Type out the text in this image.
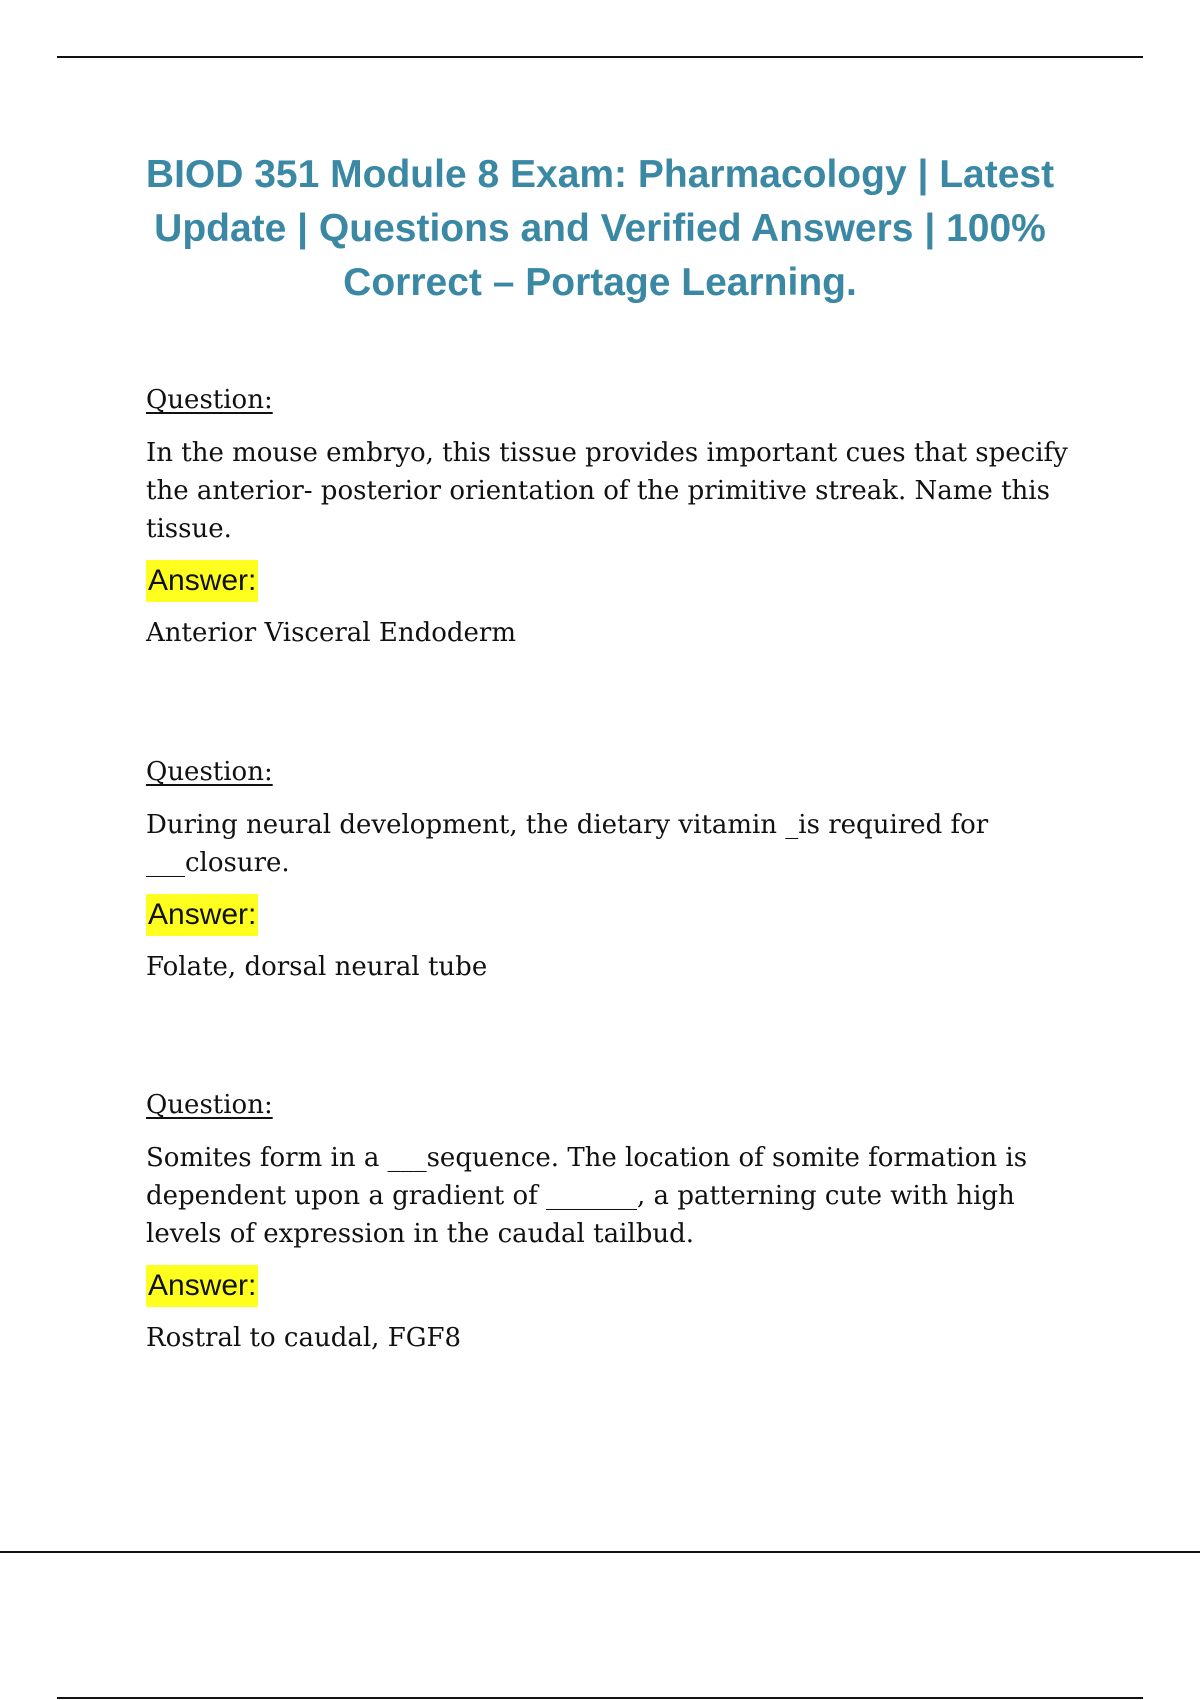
BIOD 351 Module 8 Exam: Pharmacology | Latest Update | Questions and Verified Answers | 100% Correct – Portage Learning.

Question:

In the mouse embryo, this tissue provides important cues that specify the anterior- posterior orientation of the primitive streak. Name this tissue.

Answer:

Anterior Visceral Endoderm

Question:

During neural development, the dietary vitamin _is required for ___closure.

Answer:

Folate, dorsal neural tube

Question:

Somites form in a ___sequence. The location of somite formation is dependent upon a gradient of _______, a patterning cute with high levels of expression in the caudal tailbud.

Answer:

Rostral to caudal, FGF8
